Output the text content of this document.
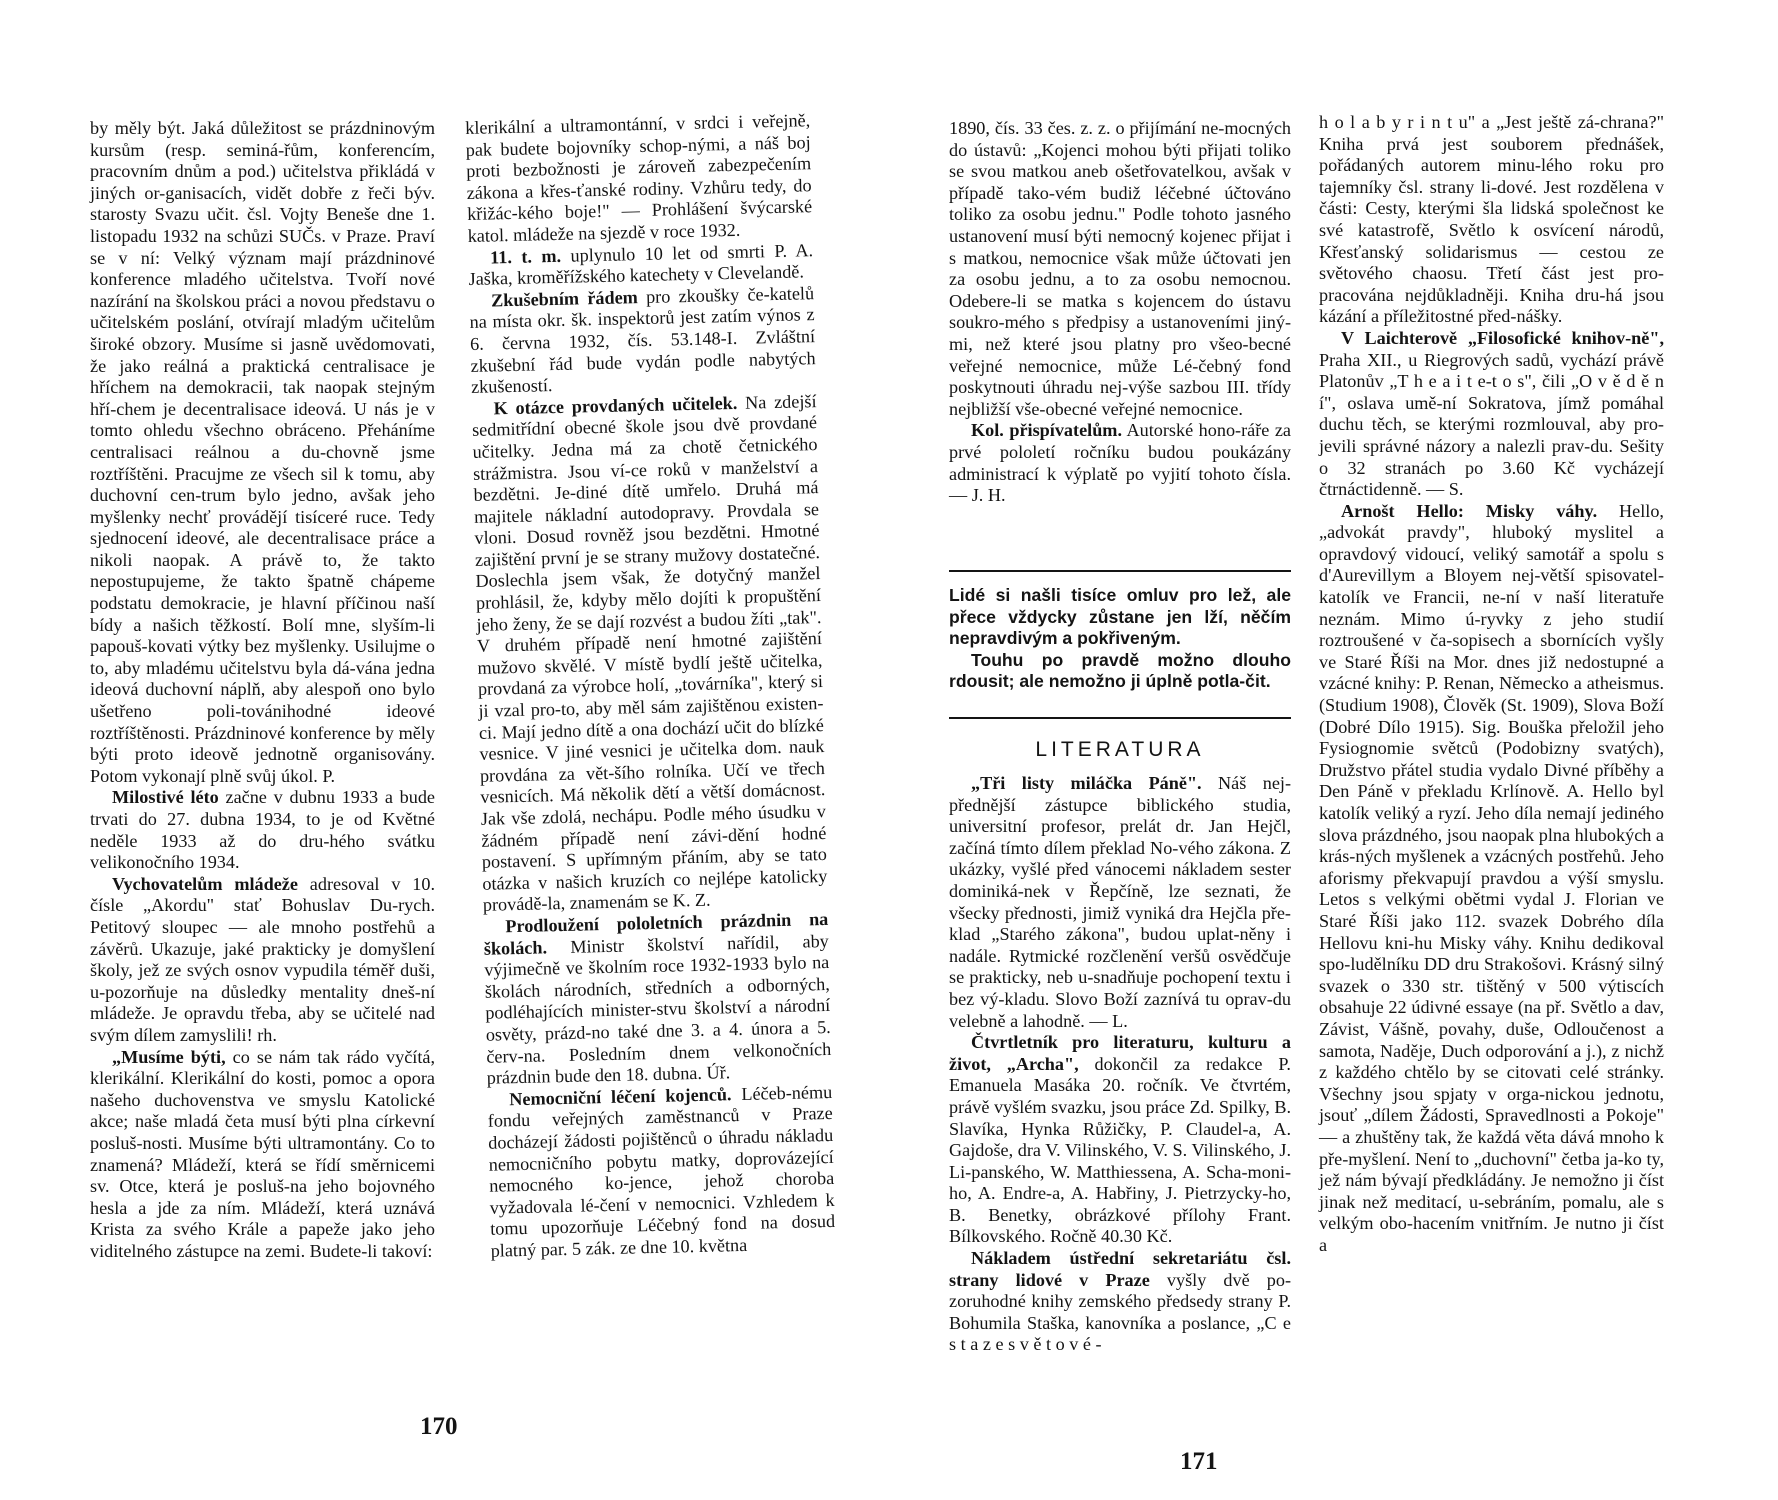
by měly být. Jaká důležitost se prázdninovým kursům (resp. seminá-řům, konferencím, pracovním dnům a pod.) učitelstva přikládá v jiných or-ganisacích, vidět dobře z řeči býv. starosty Svazu učit. čsl. Vojty Beneše dne 1. listopadu 1932 na schůzi SUČs. v Praze. Praví se v ní: Velký význam mají prázdninové konference mladého učitelstva. Tvoří nové nazírání na školskou práci a novou představu o učitelském poslání, otvírají mladým učitelům široké obzory. Musíme si jasně uvědomovati, že jako reálná a praktická centralisace je hříchem na demokracii, tak naopak stejným hří-chem je decentralisace ideová. U nás je v tomto ohledu všechno obráceno. Přeháníme centralisaci reálnou a du-chovně jsme roztříštěni. Pracujme ze všech sil k tomu, aby duchovní cen-trum bylo jedno, avšak jeho myšlenky nechť provádějí tisíceré ruce. Tedy sjednocení ideové, ale decentralisace práce a nikoli naopak. A právě to, že takto nepostupujeme, že takto špatně chápeme podstatu demokracie, je hlavní příčinou naší bídy a našich těžkostí. Bolí mne, slyším-li papouš-kovati výtky bez myšlenky. Usilujme o to, aby mladému učitelstvu byla dá-vána jedna ideová duchovní náplň, aby alespoň ono bylo ušetřeno poli-továnihodné ideové roztříštěnosti. Prázdninové konference by měly býti proto ideově jednotně organisovány. Potom vykonají plně svůj úkol. P.

Milostivé léto začne v dubnu 1933 a bude trvati do 27. dubna 1934, to je od Květné neděle 1933 až do dru-hého svátku velikonočního 1934.

Vychovatelům mládeže adresoval v 10. čísle „Akordu" stať Bohuslav Du-rych. Petitový sloupec — ale mnoho postřehů a závěrů. Ukazuje, jaké prakticky je domyšlení školy, jež ze svých osnov vypudila téměř duši, u-pozorňuje na důsledky mentality dneš-ní mládeže. Je opravdu třeba, aby se učitelé nad svým dílem zamyslili! rh.

„Musíme býti, co se nám tak rádo vyčítá, klerikální. Klerikální do kosti, pomoc a opora našeho duchovenstva ve smyslu Katolické akce; naše mladá četa musí býti plna církevní posluš-nosti. Musíme býti ultramontány. Co to znamená? Mládeží, která se řídí směrnicemi sv. Otce, která je posluš-na jeho bojovného hesla a jde za ním. Mládeží, která uznává Krista za svého Krále a papeže jako jeho viditelného zástupce na zemi. Budete-li takoví:

klerikální a ultramontánní, v srdci i veřejně, pak budete bojovníky schop-nými, a náš boj proti bezbožnosti je zároveň zabezpečením zákona a křes-ťanské rodiny. Vzhůru tedy, do křižác-kého boje!" — Prohlášení švýcarské katol. mládeže na sjezdě v roce 1932.

11. t. m. uplynulo 10 let od smrti P. A. Jaška, kroměřížského katechety v Clevelandě.

Zkušebním řádem pro zkoušky če-katelů na místa okr. šk. inspektorů jest zatím výnos z 6. června 1932, čís. 53.148-I. Zvláštní zkušební řád bude vydán podle nabytých zkušeností.

K otázce provdaných učitelek. Na zdejší sedmitřídní obecné škole jsou dvě provdané učitelky. Jedna má za chotě četnického strážmistra. Jsou ví-ce roků v manželství a bezdětni. Je-diné dítě umřelo. Druhá má majitele nákladní autodopravy. Provdala se vloni. Dosud rovněž jsou bezdětni. Hmotné zajištění první je se strany mužovy dostatečné. Doslechla jsem však, že dotyčný manžel prohlásil, že, kdyby mělo dojíti k propuštění jeho ženy, že se dají rozvést a budou žíti „tak". V druhém případě není hmotné zajištění mužovo skvělé. V místě bydlí ještě učitelka, provdaná za výrobce holí, „továrníka", který si ji vzal pro-to, aby měl sám zajištěnou existen-ci. Mají jedno dítě a ona dochází učit do blízké vesnice. V jiné vesnici je učitelka dom. nauk provdána za vět-šího rolníka. Učí ve třech vesnicích. Má několik dětí a větší domácnost. Jak vše zdolá, nechápu. Podle mého úsudku v žádném případě není závi-dění hodné postavení. S upřímným přáním, aby se tato otázka v našich kruzích co nejlépe katolicky provádě-la, znamenám se K. Z.

Prodloužení pololetních prázdnin na školách. Ministr školství nařídil, aby výjimečně ve školním roce 1932-1933 bylo na školách národních, středních a odborných, podléhajících minister-stvu školství a národní osvěty, prázd-no také dne 3. a 4. února a 5. červ-na. Posledním dnem velkonočních prázdnin bude den 18. dubna. Úř.

Nemocniční léčení kojenců. Léčeb-nému fondu veřejných zaměstnanců v Praze docházejí žádosti pojištěnců o úhradu nákladu nemocničního pobytu matky, doprovázející nemocného ko-jence, jehož choroba vyžadovala lé-čení v nemocnici. Vzhledem k tomu upozorňuje Léčebný fond na dosud platný par. 5 zák. ze dne 10. května

170

1890, čís. 33 čes. z. z. o přijímání ne-mocných do ústavů: „Kojenci mohou býti přijati toliko se svou matkou aneb ošetřovatelkou, avšak v případě tako-vém budiž léčebné účtováno toliko za osobu jednu." Podle tohoto jasného ustanovení musí býti nemocný kojenec přijat i s matkou, nemocnice však může účtovati jen za osobu jednu, a to za osobu nemocnou. Odebere-li se matka s kojencem do ústavu soukro-mého s předpisy a ustanoveními jiný-mi, než které jsou platny pro všeo-becné veřejné nemocnice, může Lé-čebný fond poskytnouti úhradu nej-výše sazbou III. třídy nejbližší vše-obecné veřejné nemocnice.

Kol. přispívatelům. Autorské hono-ráře za prvé pololetí ročníku budou poukázány administrací k výplatě po vyjití tohoto čísla. — J. H.

Lidé si našli tisíce omluv pro lež, ale přece vždycky zůstane jen lží, něčím nepravdivým a pokřiveným.

Touhu po pravdě možno dlouho rdousit; ale nemožno ji úplně potla-čit.

LITERATURA

„Tři listy miláčka Páně". Náš nej-přednější zástupce biblického studia, universitní profesor, prelát dr. Jan Hejčl, začíná tímto dílem překlad No-vého zákona. Z ukázky, vyšlé před vánocemi nákladem sester dominiká-nek v Řepčíně, lze seznati, že všecky přednosti, jimiž vyniká dra Hejčla pře-klad „Starého zákona", budou uplat-něny i nadále. Rytmické rozčlenění veršů osvědčuje se prakticky, neb u-snadňuje pochopení textu i bez vý-kladu. Slovo Boží zaznívá tu oprav-du velebně a lahodně. — L.

Čtvrtletník pro literaturu, kulturu a život, „Archa", dokončil za redakce P. Emanuela Masáka 20. ročník. Ve čtvrtém, právě vyšlém svazku, jsou práce Zd. Spilky, B. Slavíka, Hynka Růžičky, P. Claudel-a, A. Gajdoše, dra V. Vilinského, V. S. Vilinského, J. Li-panského, W. Matthiessena, A. Scha-moni-ho, A. Endre-a, A. Habřiny, J. Pietrzycky-ho, B. Benetky, obrázkové přílohy Frant. Bílkovského. Ročně 40.30 Kč.

Nákladem ústřední sekretariátu čsl. strany lidové v Praze vyšly dvě po-zoruhodné knihy zemského předsedy strany P. Bohumila Staška, kanovníka a poslance, „C e s t a z e s v ě t o v é -

h o l a b y r i n t u" a „Jest ještě zá-chrana?" Kniha prvá jest souborem přednášek, pořádaných autorem minu-lého roku pro tajemníky čsl. strany li-dové. Jest rozdělena v části: Cesty, kterými šla lidská společnost ke své katastrofě, Světlo k osvícení národů, Křesťanský solidarismus — cestou ze světového chaosu. Třetí část jest pro-pracována nejdůkladněji. Kniha dru-há jsou kázání a příležitostné před-nášky.

V Laichterově „Filosofické knihov-ně", Praha XII., u Riegrových sadů, vychází právě Platonův „T h e a i t e-t o s", čili „O v ě d ě n í", oslava umě-ní Sokratova, jímž pomáhal duchu těch, se kterými rozmlouval, aby pro-jevili správné názory a nalezli prav-du. Sešity o 32 stranách po 3.60 Kč vycházejí čtrnáctidenně. — S.

Arnošt Hello: Misky váhy. Hello, „advokát pravdy", hluboký myslitel a opravdový vidoucí, veliký samotář a spolu s d'Aurevillym a Bloyem nej-větší spisovatel-katolík ve Francii, ne-ní v naší literatuře neznám. Mimo ú-ryvky z jeho studií roztroušené v ča-sopisech a sbornících vyšly ve Staré Říši na Mor. dnes již nedostupné a vzácné knihy: P. Renan, Německo a atheismus. (Studium 1908), Člověk (St. 1909), Slova Boží (Dobré Dílo 1915). Sig. Bouška přeložil jeho Fysiognomie světců (Podobizny svatých), Družstvo přátel studia vydalo Divné příběhy a Den Páně v překladu Krlínově. A. Hello byl katolík veliký a ryzí. Jeho díla nemají jediného slova prázdného, jsou naopak plna hlubokých a krás-ných myšlenek a vzácných postřehů. Jeho aforismy překvapují pravdou a výší smyslu. Letos s velkými obětmi vydal J. Florian ve Staré Říši jako 112. svazek Dobrého díla Hellovu kni-hu Misky váhy. Knihu dedikoval spo-ludělníku DD dru Strakošovi. Krásný silný svazek o 330 str. tištěný v 500 výtiscích obsahuje 22 údivné essaye (na př. Světlo a dav, Závist, Vášně, povahy, duše, Odloučenost a samota, Naděje, Duch odporování a j.), z nichž z každého chtělo by se citovati celé stránky. Všechny jsou spjaty v orga-nickou jednotu, jsouť „dílem Žádosti, Spravedlnosti a Pokoje" — a zhuštěny tak, že každá věta dává mnoho k pře-myšlení. Není to „duchovní" četba ja-ko ty, jež nám bývají předkládány. Je nemožno ji číst jinak než meditací, u-sebráním, pomalu, ale s velkým obo-hacením vnitřním. Je nutno ji číst a

171
